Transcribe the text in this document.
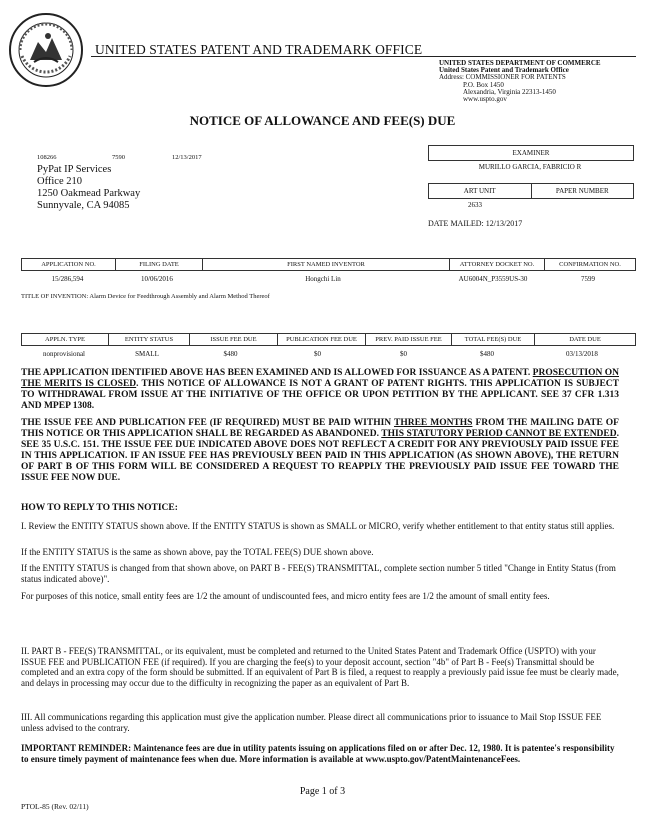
UNITED STATES PATENT AND TRADEMARK OFFICE
UNITED STATES DEPARTMENT OF COMMERCE
United States Patent and Trademark Office
Address: COMMISSIONER FOR PATENTS
P.O. Box 1450
Alexandria, Virginia 22313-1450
www.uspto.gov
NOTICE OF ALLOWANCE AND FEE(S) DUE
108266	7590	12/13/2017
PyPat IP Services
Office 210
1250 Oakmead Parkway
Sunnyvale, CA 94085
EXAMINER
MURILLO GARCIA, FABRICIO R
ART UNIT	PAPER NUMBER
2633
DATE MAILED: 12/13/2017
APPLICATION NO.	FILING DATE	FIRST NAMED INVENTOR	ATTORNEY DOCKET NO.	CONFIRMATION NO.
15/286,594	10/06/2016	Hongchi Lin	AU6004N_P3559US-30	7599
TITLE OF INVENTION: Alarm Device for Feedthrough Assembly and Alarm Method Thereof
APPLN. TYPE	ENTITY STATUS	ISSUE FEE DUE	PUBLICATION FEE DUE	PREV. PAID ISSUE FEE	TOTAL FEE(S) DUE	DATE DUE
nonprovisional	SMALL	$480	$0	$0	$480	03/13/2018
THE APPLICATION IDENTIFIED ABOVE HAS BEEN EXAMINED AND IS ALLOWED FOR ISSUANCE AS A PATENT. PROSECUTION ON THE MERITS IS CLOSED. THIS NOTICE OF ALLOWANCE IS NOT A GRANT OF PATENT RIGHTS. THIS APPLICATION IS SUBJECT TO WITHDRAWAL FROM ISSUE AT THE INITIATIVE OF THE OFFICE OR UPON PETITION BY THE APPLICANT. SEE 37 CFR 1.313 AND MPEP 1308.
THE ISSUE FEE AND PUBLICATION FEE (IF REQUIRED) MUST BE PAID WITHIN THREE MONTHS FROM THE MAILING DATE OF THIS NOTICE OR THIS APPLICATION SHALL BE REGARDED AS ABANDONED. THIS STATUTORY PERIOD CANNOT BE EXTENDED. SEE 35 U.S.C. 151. THE ISSUE FEE DUE INDICATED ABOVE DOES NOT REFLECT A CREDIT FOR ANY PREVIOUSLY PAID ISSUE FEE IN THIS APPLICATION. IF AN ISSUE FEE HAS PREVIOUSLY BEEN PAID IN THIS APPLICATION (AS SHOWN ABOVE), THE RETURN OF PART B OF THIS FORM WILL BE CONSIDERED A REQUEST TO REAPPLY THE PREVIOUSLY PAID ISSUE FEE TOWARD THE ISSUE FEE NOW DUE.
HOW TO REPLY TO THIS NOTICE:
I. Review the ENTITY STATUS shown above. If the ENTITY STATUS is shown as SMALL or MICRO, verify whether entitlement to that entity status still applies.
If the ENTITY STATUS is the same as shown above, pay the TOTAL FEE(S) DUE shown above.
If the ENTITY STATUS is changed from that shown above, on PART B - FEE(S) TRANSMITTAL, complete section number 5 titled "Change in Entity Status (from status indicated above)".
For purposes of this notice, small entity fees are 1/2 the amount of undiscounted fees, and micro entity fees are 1/2 the amount of small entity fees.
II. PART B - FEE(S) TRANSMITTAL, or its equivalent, must be completed and returned to the United States Patent and Trademark Office (USPTO) with your ISSUE FEE and PUBLICATION FEE (if required). If you are charging the fee(s) to your deposit account, section "4b" of Part B - Fee(s) Transmittal should be completed and an extra copy of the form should be submitted. If an equivalent of Part B is filed, a request to reapply a previously paid issue fee must be clearly made, and delays in processing may occur due to the difficulty in recognizing the paper as an equivalent of Part B.
III. All communications regarding this application must give the application number. Please direct all communications prior to issuance to Mail Stop ISSUE FEE unless advised to the contrary.
IMPORTANT REMINDER: Maintenance fees are due in utility patents issuing on applications filed on or after Dec. 12, 1980. It is patentee's responsibility to ensure timely payment of maintenance fees when due. More information is available at www.uspto.gov/PatentMaintenanceFees.
Page 1 of 3
PTOL-85 (Rev. 02/11)
